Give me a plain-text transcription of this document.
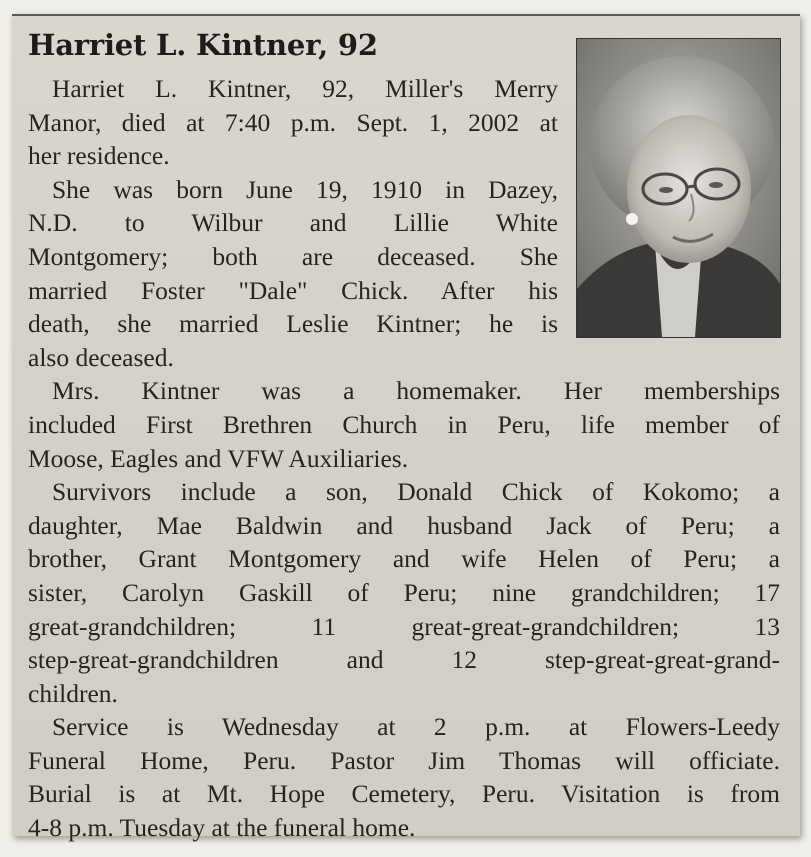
Harriet L. Kintner, 92
Harriet L. Kintner, 92, Miller's Merry
Manor, died at 7:40 p.m. Sept. 1, 2002 at
her residence.
She was born June 19, 1910 in Dazey,
N.D. to Wilbur and Lillie White
Montgomery; both are deceased. She
married Foster "Dale" Chick. After his
death, she married Leslie Kintner; he is
also deceased.
Mrs. Kintner was a homemaker. Her memberships
included First Brethren Church in Peru, life member of
Moose, Eagles and VFW Auxiliaries.
Survivors include a son, Donald Chick of Kokomo; a
daughter, Mae Baldwin and husband Jack of Peru; a
brother, Grant Montgomery and wife Helen of Peru; a
sister, Carolyn Gaskill of Peru; nine grandchildren; 17
great-grandchildren; 11 great-great-grandchildren; 13
step-great-grandchildren and 12 step-great-great-grand-
children.
Service is Wednesday at 2 p.m. at Flowers-Leedy
Funeral Home, Peru. Pastor Jim Thomas will officiate.
Burial is at Mt. Hope Cemetery, Peru. Visitation is from
4-8 p.m. Tuesday at the funeral home.
